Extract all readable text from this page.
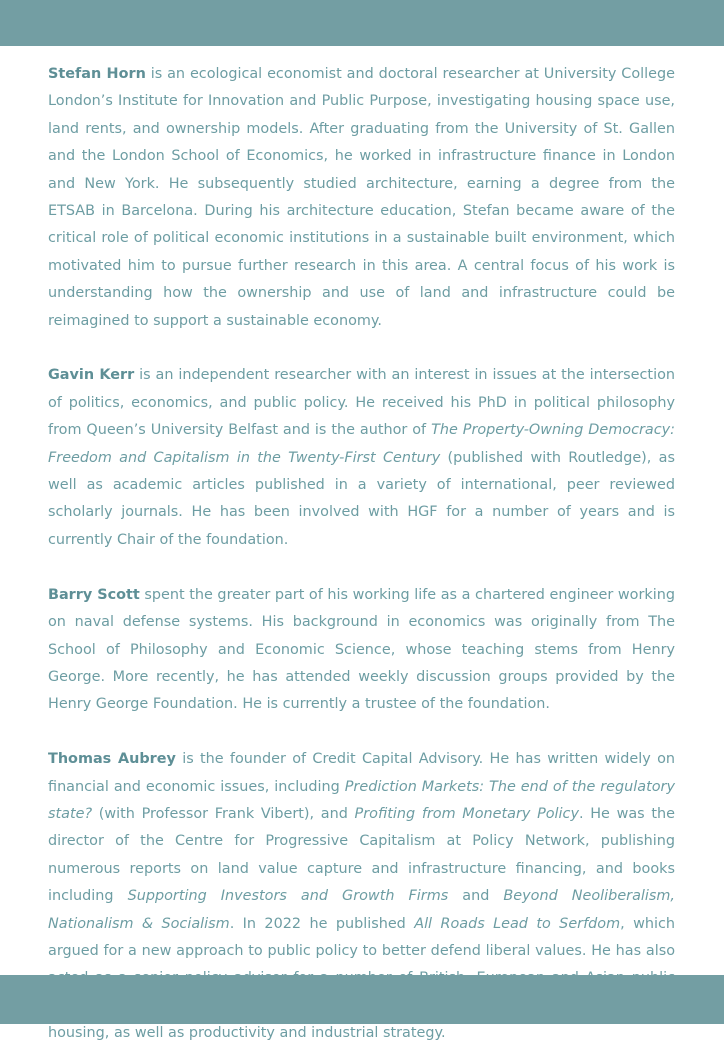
Stefan Horn is an ecological economist and doctoral researcher at University College London’s Institute for Innovation and Public Purpose, investigating housing space use, land rents, and ownership models. After graduating from the University of St. Gallen and the London School of Economics, he worked in infrastructure finance in London and New York. He subsequently studied architecture, earning a degree from the ETSAB in Barcelona. During his architecture education, Stefan became aware of the critical role of political economic institutions in a sustainable built environment, which motivated him to pursue further research in this area. A central focus of his work is understanding how the ownership and use of land and infrastructure could be reimagined to support a sustainable economy.

Gavin Kerr is an independent researcher with an interest in issues at the intersection of politics, economics, and public policy. He received his PhD in political philosophy from Queen’s University Belfast and is the author of The Property-Owning Democracy: Freedom and Capitalism in the Twenty-First Century (published with Routledge), as well as academic articles published in a variety of international, peer reviewed scholarly journals. He has been involved with HGF for a number of years and is currently Chair of the foundation.

Barry Scott spent the greater part of his working life as a chartered engineer working on naval defense systems. His background in economics was originally from The School of Philosophy and Economic Science, whose teaching stems from Henry George. More recently, he has attended weekly discussion groups provided by the Henry George Foundation. He is currently a trustee of the foundation.

Thomas Aubrey is the founder of Credit Capital Advisory. He has written widely on financial and economic issues, including Prediction Markets: The end of the regulatory state? (with Professor Frank Vibert), and Profiting from Monetary Policy. He was the director of the Centre for Progressive Capitalism at Policy Network, publishing numerous reports on land value capture and infrastructure financing, and books including Supporting Investors and Growth Firms and Beyond Neoliberalism, Nationalism & Socialism. In 2022 he published All Roads Lead to Serfdom, which argued for a new approach to public policy to better defend liberal values. He has also housing, as well as productivity and industrial strategy.
